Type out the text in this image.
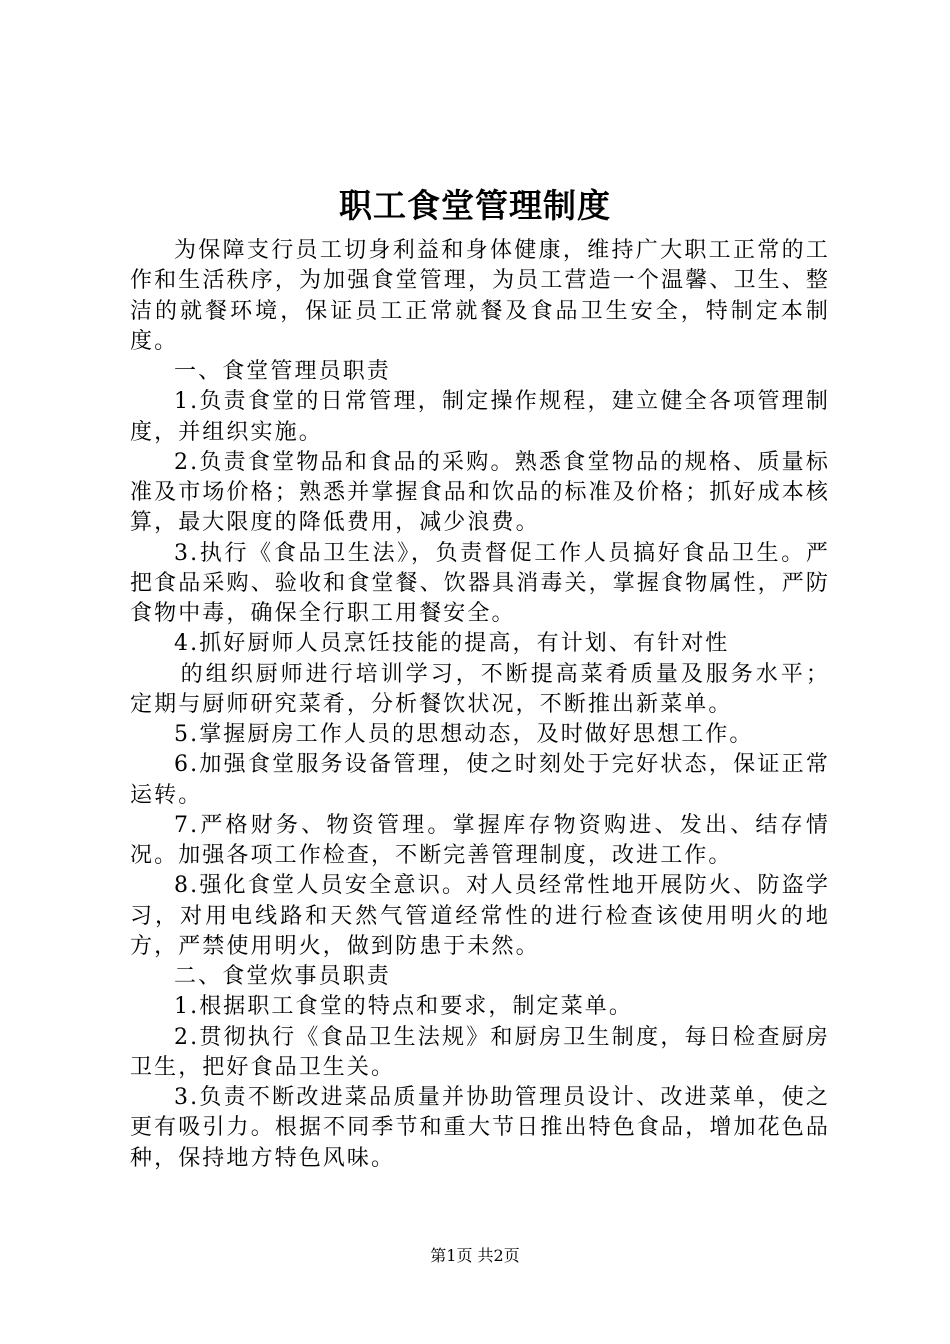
职工食堂管理制度

为保障支行员工切身利益和身体健康，维持广大职工正常的工作和生活秩序，为加强食堂管理，为员工营造一个温馨、卫生、整洁的就餐环境，保证员工正常就餐及食品卫生安全，特制定本制度。

一、食堂管理员职责

1.负责食堂的日常管理，制定操作规程，建立健全各项管理制度，并组织实施。

2.负责食堂物品和食品的采购。熟悉食堂物品的规格、质量标准及市场价格；熟悉并掌握食品和饮品的标准及价格；抓好成本核算，最大限度的降低费用，减少浪费。

3.执行《食品卫生法》，负责督促工作人员搞好食品卫生。严把食品采购、验收和食堂餐、饮器具消毒关，掌握食物属性，严防食物中毒，确保全行职工用餐安全。

4.抓好厨师人员烹饪技能的提高，有计划、有针对性

的组织厨师进行培训学习，不断提高菜肴质量及服务水平；定期与厨师研究菜肴，分析餐饮状况，不断推出新菜单。

5.掌握厨房工作人员的思想动态，及时做好思想工作。

6.加强食堂服务设备管理，使之时刻处于完好状态，保证正常运转。

7.严格财务、物资管理。掌握库存物资购进、发出、结存情况。加强各项工作检查，不断完善管理制度，改进工作。

8.强化食堂人员安全意识。对人员经常性地开展防火、防盗学习，对用电线路和天然气管道经常性的进行检查该使用明火的地方，严禁使用明火，做到防患于未然。

二、食堂炊事员职责

1.根据职工食堂的特点和要求，制定菜单。

2.贯彻执行《食品卫生法规》和厨房卫生制度，每日检查厨房卫生，把好食品卫生关。

3.负责不断改进菜品质量并协助管理员设计、改进菜单，使之更有吸引力。根据不同季节和重大节日推出特色食品，增加花色品种，保持地方特色风味。

第1页 共2页
